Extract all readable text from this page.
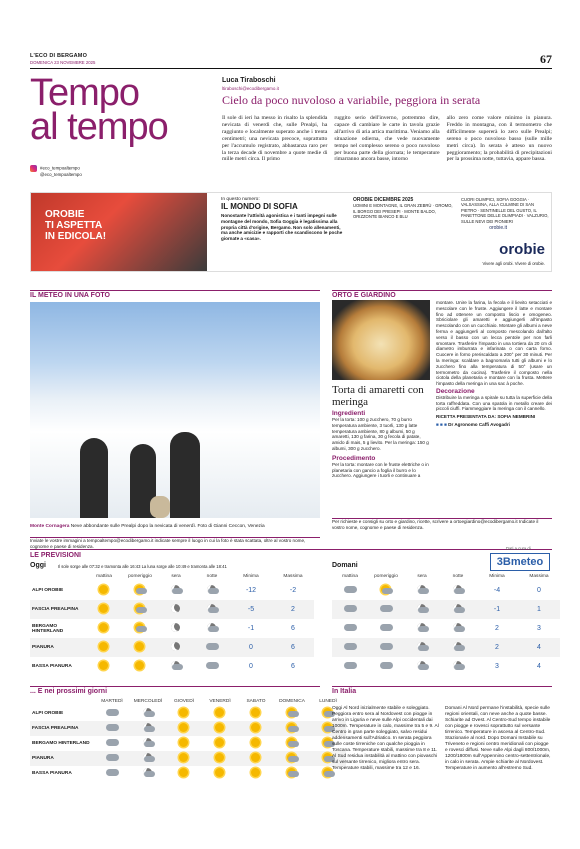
L'ECO DI BERGAMO
DOMENICA 23 NOVEMBRE 2025	67
Tempo
al tempo
Luca Tiraboschi
ltiraboschi@ecodibergamo.it
Cielo da poco nuvoloso a variabile, peggiora in serata
Il sole di ieri ha messo in risalto la splendida nevicata di venerdì che, sulle Prealpi, ha raggiunto e localmente superato anche i trenta centimetri; una nevicata precoce, soprattutto per l'accumulo registrato, abbastanza raro per la terza decade di novembre a quote medie di mille metri circa. Il primo
ruggito serio dell'inverno, potremmo dire, capace di cambiare le carte in tavola grazie all'arrivo di aria artica marittima. Veniamo alla situazione odierna, che vede nuovamente tempo nel complesso sereno o poco nuvoloso per buona parte della giornata; le temperature rimarranno ancora basse, intorno
allo zero come valore minimo in pianura. Freddo in montagna, con il termometro che difficilmente supererà lo zero sulle Prealpi; sereno o poco nuvoloso basso (sulle mille metri circa). In serata è atteso un nuovo peggioramento; la probabilità di precipitazioni per la prossima notte, tuttavia, appare bassa.
#eco_tempoaltempo
@eco_tempoaltempo
OROBIE
TI ASPETTA
IN EDICOLA!
In questo numero:
IL MONDO DI SOFIA
Nonostante l'attività agonistica e i tanti impegni sulle montagne del mondo, Sofia Goggia è legatissima alla propria città d'origine, Bergamo. Non solo allenamenti, ma anche amicizie e rapporti che scandiscono le poche giornate a «casa».
OROBIE DICEMBRE 2025
UOMINI E MONTAGNE, IL GRAN ZEBRÙ · GROMO, IL BORGO DEI PRESEPI · MONTE BALDO, ORIZZONTE BIANCO E BLU
CUORI OLIMPICI, SOFIA GOGGIA · VALSASSINA, ALLA CULMINE DI SAN PIETRO · SENTINELLE DEL GUSTO, IL PANETTONE DELLE OLIMPIADI · VALZURIO, SULLE NEVI DEI PIONIERI
orobie.it
orobie
Vivere agli orobi. Vivere di orobie.
IL METEO IN UNA FOTO
Monte Cornagera Neve abbondante sulle Prealpi dopo la nevicata di venerdì. Foto di Gianni Ceccon, Venezia
ORTO E GIARDINO
Torta di amaretti con meringa
Ingredienti
Per la torta: 100 g zucchero, 70 g burro temperatura ambiente, 3 tuorli, 130 g latte temperatura ambiente, 80 g albumi, 50 g amaretti, 130 g farina, 30 g fecola di patate, amido di mais, 5 g lievito. Per la meringa: 150 g albumi, 300 g zucchero.
Procedimento
Per la torta: montare con le fruste elettriche o in planetaria con gancio a foglia il burro e lo zucchero. Aggiungere i tuorli e continuare a
montare. Unire la farina, la fecola e il lievito setacciati e mescolare con le fruste. Aggiungere il latte e montare fino ad ottenere un composto liscio e omogeneo. Sbriciolare gli amaretti e aggiungerli all'impasto mescolando con un cucchiaio. Montare gli albumi a neve ferma e aggiungerli al composto mescolando dall'alto verso il basso con un lecca pentole per non farli smontare. Trasferire l'impasto in una tortiera da 20 cm di diametro imburrata e infarinata o con carta forno. Cuocere in forno preriscaldato a 200° per 30 minuti. Per la meringa: scaldare a bagnomaria tutti gli albumi e lo zucchero fino alla temperatura di 50° (usare un termometro da cucina). Trasferire il composto nella ciotola della planetaria e montare con la frusta. Mettere l'impasto della meringa in una sac à poche.
Decorazione
Distribuire la meringa a spirale su tutta la superficie della torta raffreddata. Con una spatola in metallo creare dei piccoli ciuffi. Fiammeggiare la meringa con il cannello.
RICETTA PRESENTATA DA: SOFIA NEMBRINI
■ ■ ■ Dr Agronomo Caffi Avogadri
Inviate le vostre immagini a tempoaltempo@ecodibergamo.it indicate sempre il luogo in cui la foto è stata scattata, oltre al vostro nome, cognome e paese di residenza.
Per richieste e consigli su orto e giardino, ricette, scrivere a ortoegiardino@ecodibergamo.it Indicate il vostro nome, cognome e paese di residenza.
LE PREVISIONI
Dati a cura di
3Bmeteo
Oggi	Il sole sorge alle 07:32 e tramonta alle 16:43 La luna sorge alle 10:49 e tramonta alle 18:41	Domani
	mattina	pomeriggio	sera	notte	Minima	Massima
ALPI OROBIE					-12	-2
FASCIA PREALPINA					-5	2
BERGAMO HINTERLAND					-1	6
PIANURA					0	6
BASSA PIANURA					0	6
mattina	pomeriggio	sera	notte	Minima	Massima

	-4	0

	-1	1

	2	3

	2	4

	3	4
... E nei prossimi giorni
	MARTEDÌ	MERCOLEDÌ	GIOVEDÌ	VENERDÌ	SABATO	DOMENICA	LUNEDÌ
ALPI OROBIE	

FASCIA PREALPINA	

BERGAMO HINTERLAND	

PIANURA	

BASSA PIANURA	

In Italia
Oggi Al Nord inizialmente stabile e soleggiato. Peggiora entro sera al Nordovest con piogge in arrivo in Liguria e neve sulle Alpi occidentali dai 1000m. Temperature in calo, massime tra 5 e 9. Al Centro in gran parte soleggiato, salvo residui addensamenti sull'Adriatico. In serata peggiora sulle coste tirreniche con qualche pioggia in Toscana. Temperature stabili, massime tra 8 e 11. Al Sud residua instabilità al mattino con piovaschi sul versante tirrenico, migliora entro sera. Temperature stabili, massime tra 12 e 16.
Domani Al Nord permane l'instabilità, specie sulle regioni orientali, con neve anche a quote basse. Schiarite ad Ovest. Al Centro-Sud tempo instabile con piogge e rovesci soprattutto sul versante tirrenico. Temperature in ascesa al Centro-Sud. Stazionarie al nord. Dopo Domani Instabile su Triveneto e regioni centro meridionali con piogge e rovesci diffusi. Neve sulle Alpi dagli 800/1000m, 1200/1800m sull'Appennino centro-settentrionale, in calo in serata. Ampie schiarite al Nordovest. Temperature in aumento all'estremo Sud.
